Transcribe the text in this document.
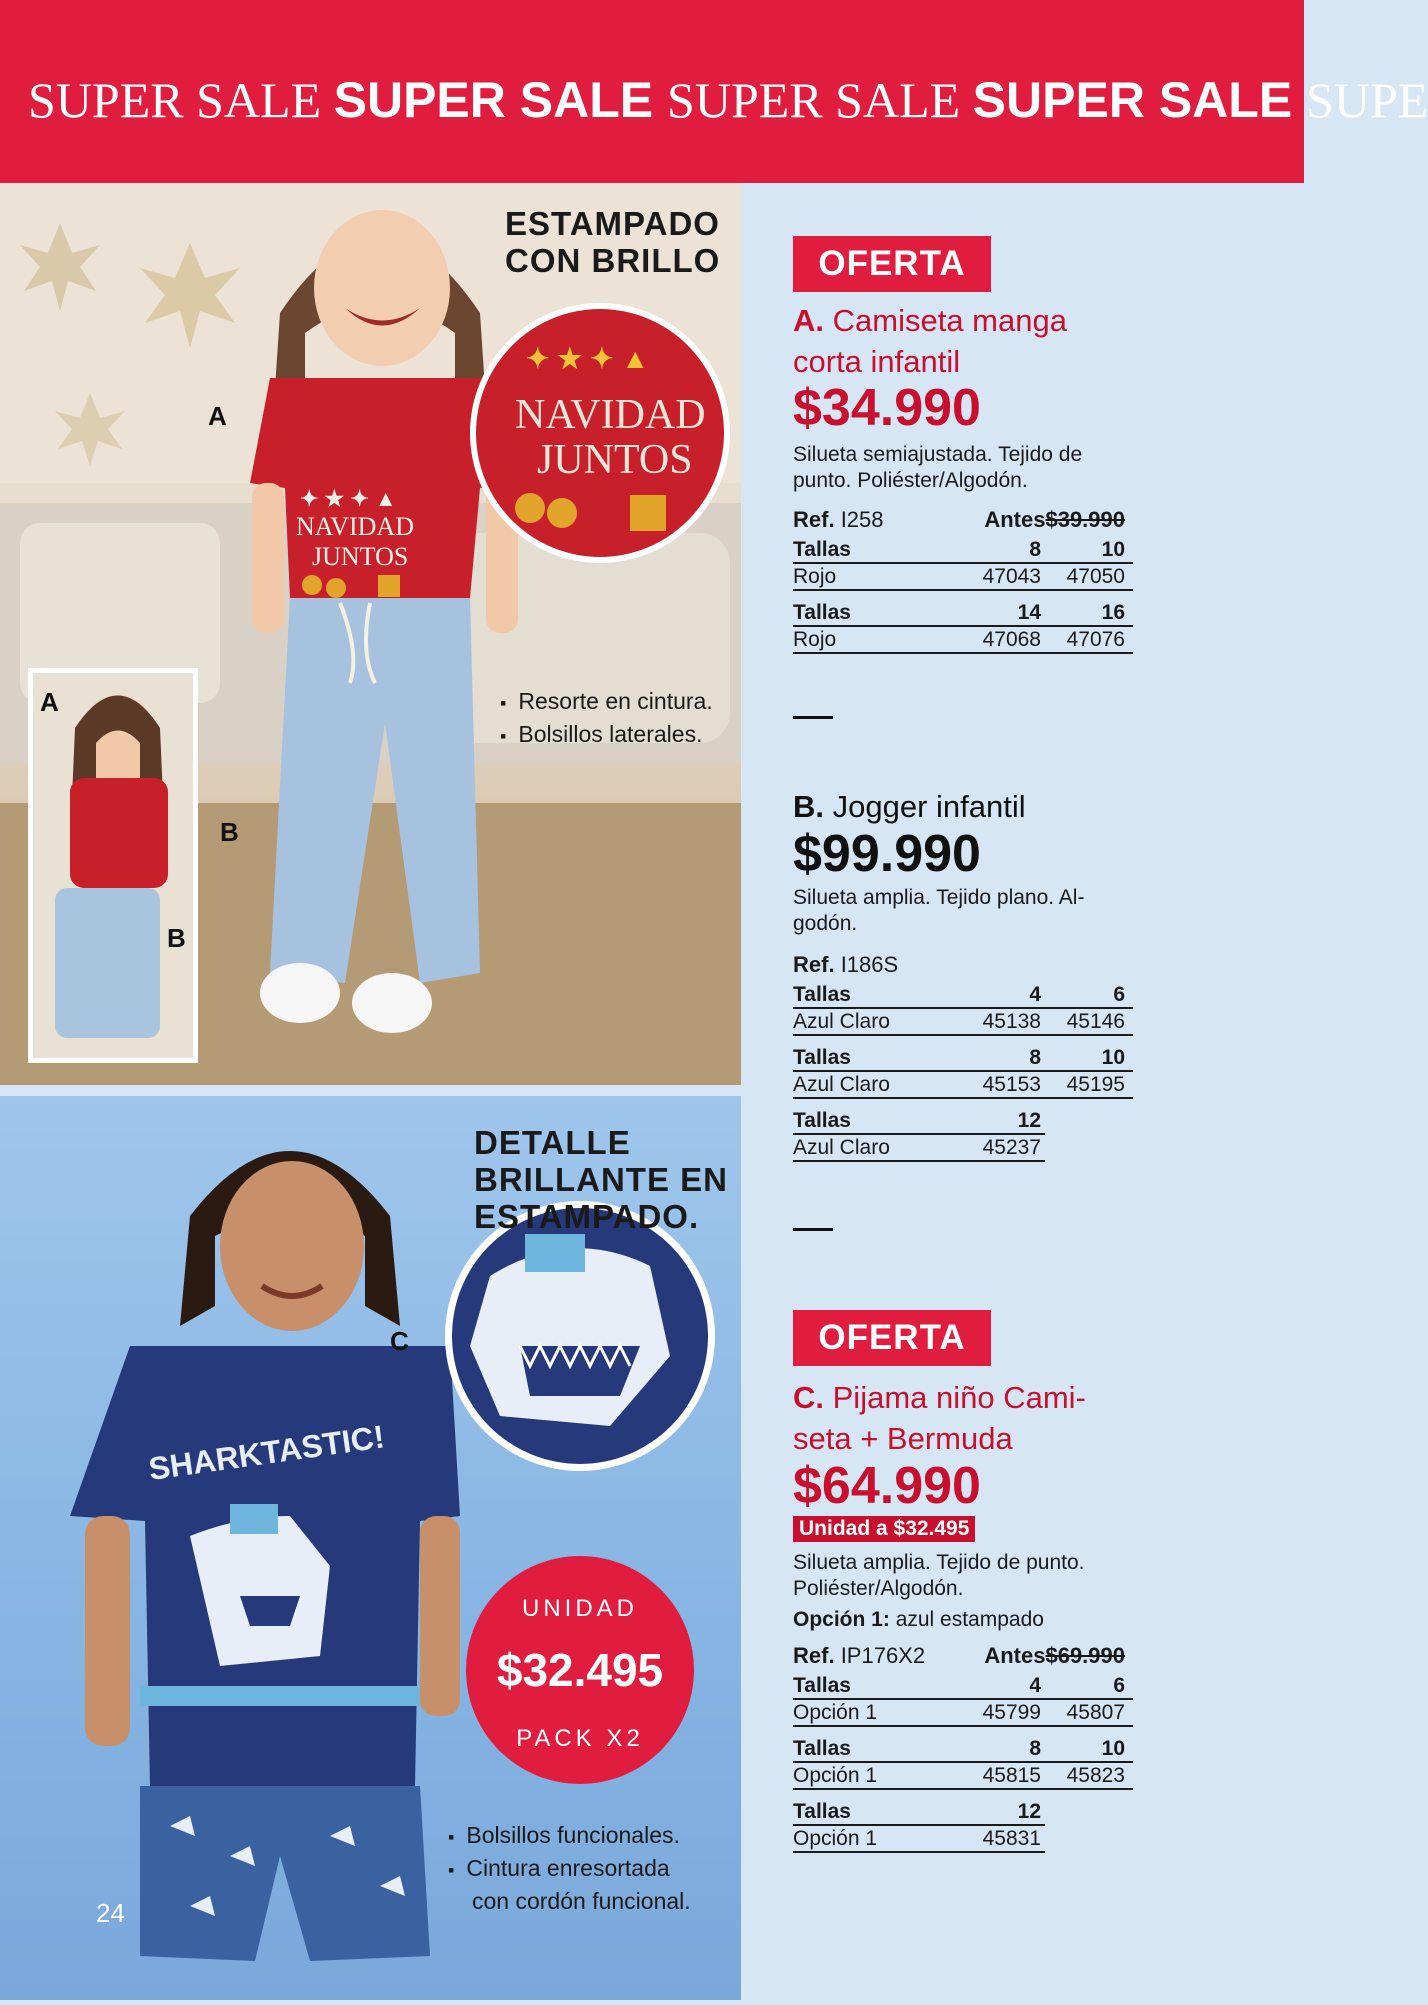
SUPER SALE SUPER SALE SUPER SALE SUPER SALE SUPE
✦ ★ ✦ ▲
NAVIDAD
JUNTOS
✦ ★ ✦ ▲
NAVIDAD
JUNTOS
ESTAMPADO
CON BRILLO
A
A
B
B
▪ Resorte en cintura.
▪ Bolsillos laterales.
SHARKTASTIC!
UNIDAD
$32.495
PACK X2
DETALLE
BRILLANTE EN
ESTAMPADO.
C
▪ Bolsillos funcionales.
▪ Cintura enresortada
con cordón funcional.
24
OFERTA
A. Camiseta manga
corta infantil
$34.990
Silueta semiajustada. Tejido de punto. Poliéster/Algodón.
Ref. I258	Antes$39.990
Tallas	8	10
Rojo	47043	47050
Tallas	14	16
Rojo	47068	47076
B. Jogger infantil
$99.990
Silueta amplia. Tejido plano. Al-
godón.
Ref. I186S
Tallas	4	6
Azul Claro	45138	45146
Tallas	8	10
Azul Claro	45153	45195
Tallas	12
Azul Claro	45237
OFERTA
C. Pijama niño Cami-
seta + Bermuda
$64.990
Unidad a $32.495
Silueta amplia. Tejido de punto. Poliéster/Algodón.
Opción 1: azul estampado
Ref. IP176X2	Antes$69.990
Tallas	4	6
Opción 1	45799	45807
Tallas	8	10
Opción 1	45815	45823
Tallas	12
Opción 1	45831
